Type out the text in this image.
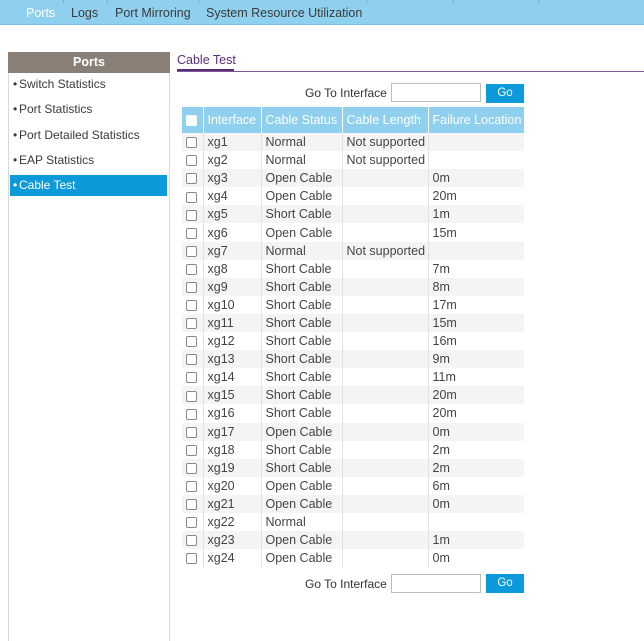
Ports Logs Port Mirroring System Resource Utilization
Ports
• Switch Statistics
• Port Statistics
• Port Detailed Statistics
• EAP Statistics
• Cable Test
Cable Test
Go To Interface	Go
	Interface	Cable Status	Cable Length	Failure Location
	xg1	Normal	Not supported	
	xg2	Normal	Not supported	
	xg3	Open Cable		0m
	xg4	Open Cable		20m
	xg5	Short Cable		1m
	xg6	Open Cable		15m
	xg7	Normal	Not supported	
	xg8	Short Cable		7m
	xg9	Short Cable		8m
	xg10	Short Cable		17m
	xg11	Short Cable		15m
	xg12	Short Cable		16m
	xg13	Short Cable		9m
	xg14	Short Cable		11m
	xg15	Short Cable		20m
	xg16	Short Cable		20m
	xg17	Open Cable		0m
	xg18	Short Cable		2m
	xg19	Short Cable		2m
	xg20	Open Cable		6m
	xg21	Open Cable		0m
	xg22	Normal		
	xg23	Open Cable		1m
	xg24	Open Cable		0m
Go To Interface	Go
